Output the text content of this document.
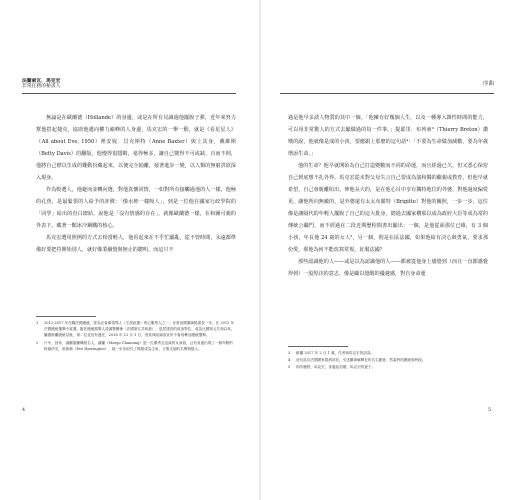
法蘭索瓦．馬克宏
非常任務的秘書人

無論是在歐蘭德（Hollande）的身邊，或是在所有見識過他擺脫子彈，近年來努力幫他搭起捷克，協助他邁向權力巔峰的人身邊，馬克宏的一舉一動，就是《看星星人》（All about Eve, 1950）裡安妮．貝克斯特（Anne Baxter）與上其身，戴維斯（Betty Davis）的翻版。他慢得很隱晦，毫得極多，讓自己變得不可或缺，百而不倒，他將自己標以生成的難動扮藏起來，以便完全抽離，接著進步一變，以人類的無窮貪欲深入現身。

作為較選人，他避而並轉向選，對他真懷同情，一如對所有接觸過他的人一樣，他極的孔魚，是最緊要的人給予的評價：「像水蛭一樣吸人」，到是一位他在國家行政學院的「同學」給出的直白總結，說他是「沒有情感的存在」，就像歐蘭德一樣，在和圖可親的外表下，藏著一顆冰冷鋼鐵的核心。

馬克宏選用照例的方式去相當輕人，他看起來在不乎忙顯亂，從不曾時間，永遠都準備好要把持開始別人，就好像業續覺與無止的聰明，而這只不

1 2012-2017 年任職法國總統，曾為社會黨領導人（左派政黨）的心腹導人之一，亦曾治國黨副秘書長一年。在 2012 年法國總統選舉中當選。擔任總統期間人員調整關係（法國第五共和最），退居建設的政治對位，成為比國第五共和以來，繼德斯蘭總統以後，第二位並沒有連任，2016 年 12 月 1 日，因其執政調查宣布不會再參加總統選舉。
2 片中，回家，讓蘭靠騰傳統名人，讓蘭（Margo Channing）是一位優秀且忠誠的女演員，且有身邊出現了一個年輕的粉絲伊芙．哈林頓（Eve Harrington），她一步步取代了瑪格成為主角，又奪走她的名聲與戀人。
4
序曲

過是他早多誘人物質的其中一個。「他擁有好幾個人生，以及一種導入雜性時間的能力，可以用非常驚人的方式去顯做過的每一件事。」提耶里．布列東³（Thierry Breton）讚嘆的說，他就像是成的小孩，要應跟上那麼的這句話⁴：「不要為生命做加減數，要為年歲增添生命。」

他的生命？他早就開始為自己打造變數而不同的命運，而且經過已久，但又悉心保密自己到底想不扎外界。馬克宏從未對父母失言自己要成為演和獨的繼親或教育，但他早就希望，自己會脫離阻出，伸他長大的，是在他心目中享有獨特地位的外婆，對他過度偏愛更，讓他所向無敵的，是外婆還有太太布麗特（Brigitte）對他的關照，一步一步，這位像是讓隔代的年輕人擺脫了自己的這大批身，總過去國家構那以成為政府大臣等成為常的傳統公職門，而不經過在二段近期歷程間書出顯出：一個，是他從面那位已絡，有 3 個小孩，年長他 24 歲的女人⁵，另一個，則是在區法國，如果他給有決心與勇氣，要求那份愛，那他為何不能改寫常規，征服法國？

那些認識他的人——或是以為認識他的人——都被從他身上感覺到（而且一直都感覺得到）一股堅決的意志，像是顧以覺醒的優越感，對自身命運

3 歐蘭 2017 年 2 月 1 號，作者與馬克宏的訪談。
4 這句話自法國國家經濟部長，引述顯神解釋在的自主願意，然當時的總統府時段。
5 即布麗特，馬克宏，身邊起初期，馬克宏的妻子。
5
